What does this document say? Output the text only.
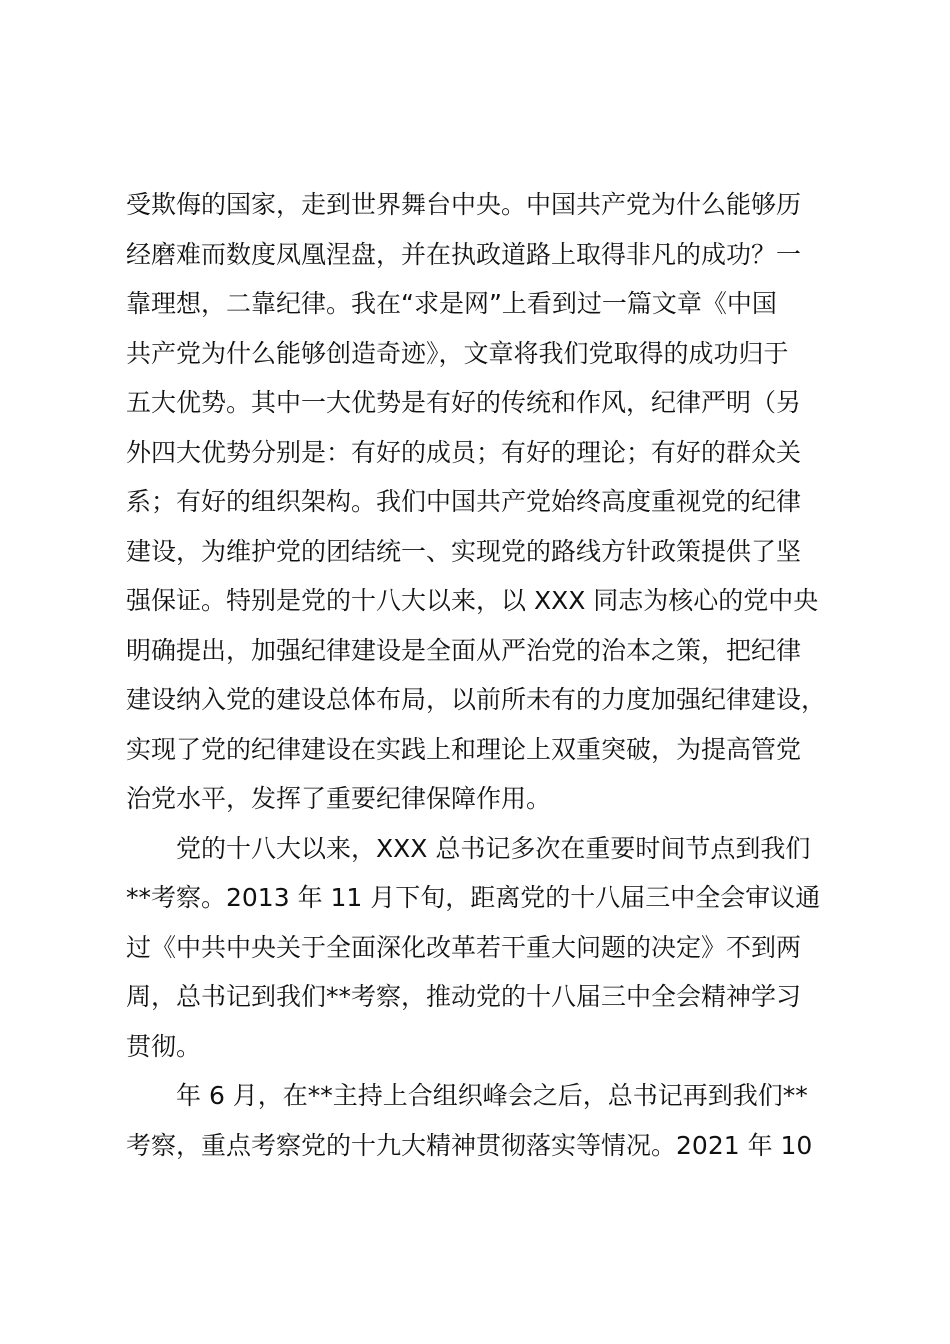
受欺侮的国家，走到世界舞台中央。中国共产党为什么能够历
经磨难而数度凤凰涅盘，并在执政道路上取得非凡的成功？一
靠理想，二靠纪律。我在“求是网”上看到过一篇文章《中国
共产党为什么能够创造奇迹》，文章将我们党取得的成功归于
五大优势。其中一大优势是有好的传统和作风，纪律严明（另
外四大优势分别是：有好的成员；有好的理论；有好的群众关
系；有好的组织架构。我们中国共产党始终高度重视党的纪律
建设，为维护党的团结统一、实现党的路线方针政策提供了坚
强保证。特别是党的十八大以来，以 XXX 同志为核心的党中央
明确提出，加强纪律建设是全面从严治党的治本之策，把纪律
建设纳入党的建设总体布局，以前所未有的力度加强纪律建设，
实现了党的纪律建设在实践上和理论上双重突破，为提高管党
治党水平，发挥了重要纪律保障作用。
党的十八大以来，XXX 总书记多次在重要时间节点到我们
**考察。2013 年 11 月下旬，距离党的十八届三中全会审议通
过《中共中央关于全面深化改革若干重大问题的决定》不到两
周，总书记到我们**考察，推动党的十八届三中全会精神学习
贯彻。
年 6 月，在**主持上合组织峰会之后，总书记再到我们**
考察，重点考察党的十九大精神贯彻落实等情况。2021 年 10
